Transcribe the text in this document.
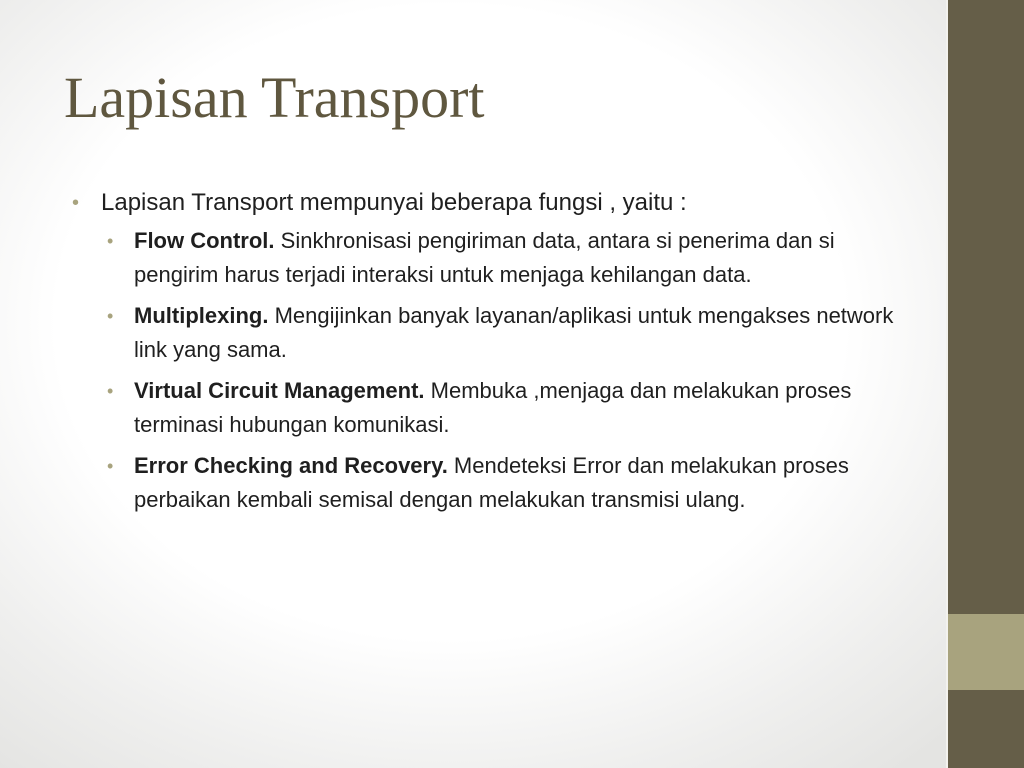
Lapisan Transport
• Lapisan Transport mempunyai beberapa fungsi , yaitu :
• Flow Control. Sinkhronisasi pengiriman data, antara si penerima dan si pengirim harus terjadi interaksi untuk menjaga kehilangan data.
• Multiplexing. Mengijinkan banyak layanan/aplikasi untuk mengakses network link yang sama.
• Virtual Circuit Management. Membuka ,menjaga dan melakukan proses terminasi hubungan komunikasi.
• Error Checking and Recovery. Mendeteksi Error dan melakukan proses perbaikan kembali semisal dengan melakukan transmisi ulang.
